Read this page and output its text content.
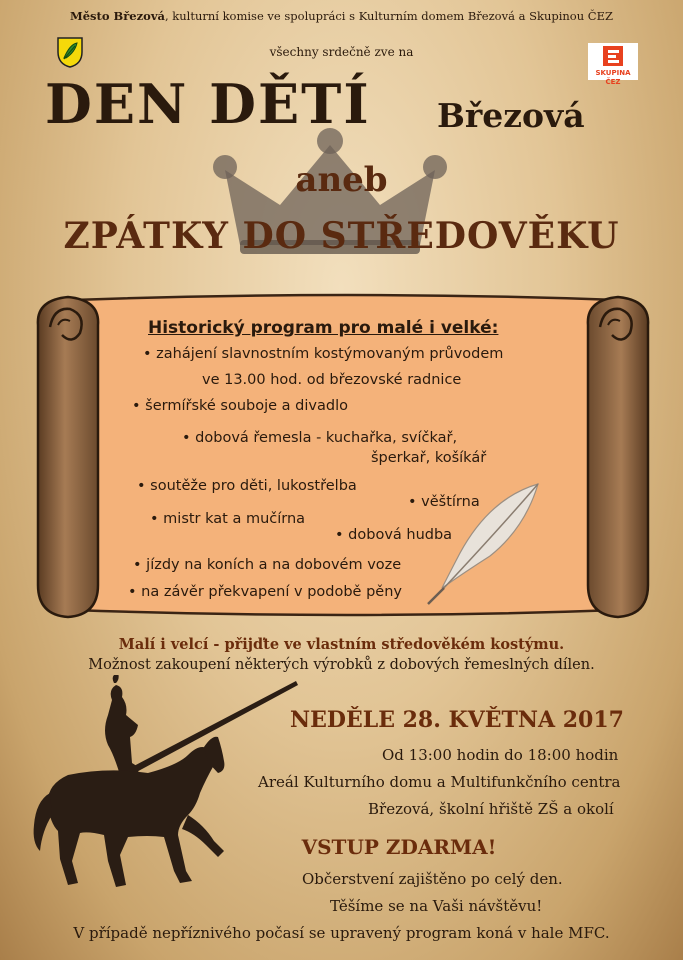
Město Březová, kulturní komise ve spolupráci s Kulturním domem Březová a Skupinou ČEZ
SKUPINA ČEZ
všechny srdečně zve na
DEN DĚTÍ Březová
aneb
ZPÁTKY DO STŘEDOVĚKU
Historický program pro malé i velké:
• zahájení slavnostním kostýmovaným průvodem
ve 13.00 hod. od březovské radnice
• šermířské souboje a divadlo
• dobová řemesla - kuchařka, svíčkař,
šperkař, košíkář
• soutěže pro děti, lukostřelba
• věštírna
• mistr kat a mučírna
• dobová hudba
• jízdy na koních a na dobovém voze
• na závěr překvapení v podobě pěny
Malí i velcí - přijďte ve vlastním středověkém kostýmu.
Možnost zakoupení některých výrobků z dobových řemeslných dílen.
NEDĚLE 28. KVĚTNA 2017
Od 13:00 hodin do 18:00 hodin
Areál Kulturního domu a Multifunkčního centra
Březová, školní hřiště ZŠ a okolí
VSTUP ZDARMA!
Občerstvení zajištěno po celý den.
Těšíme se na Vaši návštěvu!
V případě nepříznivého počasí se upravený program koná v hale MFC.
